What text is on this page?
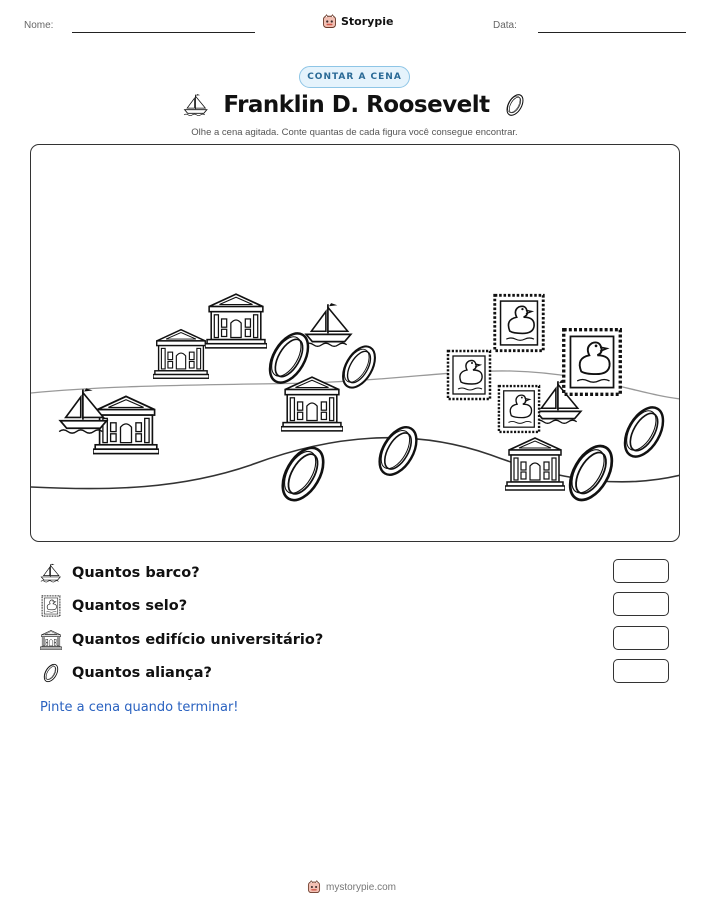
Nome:	Storypie	Data:
CONTAR A CENA
Franklin D. Roosevelt
Olhe a cena agitada. Conte quantas de cada figura você consegue encontrar.
Quantos barco?
Quantos selo?
Quantos edifício universitário?
Quantos aliança?
Pinte a cena quando terminar!
mystorypie.com
